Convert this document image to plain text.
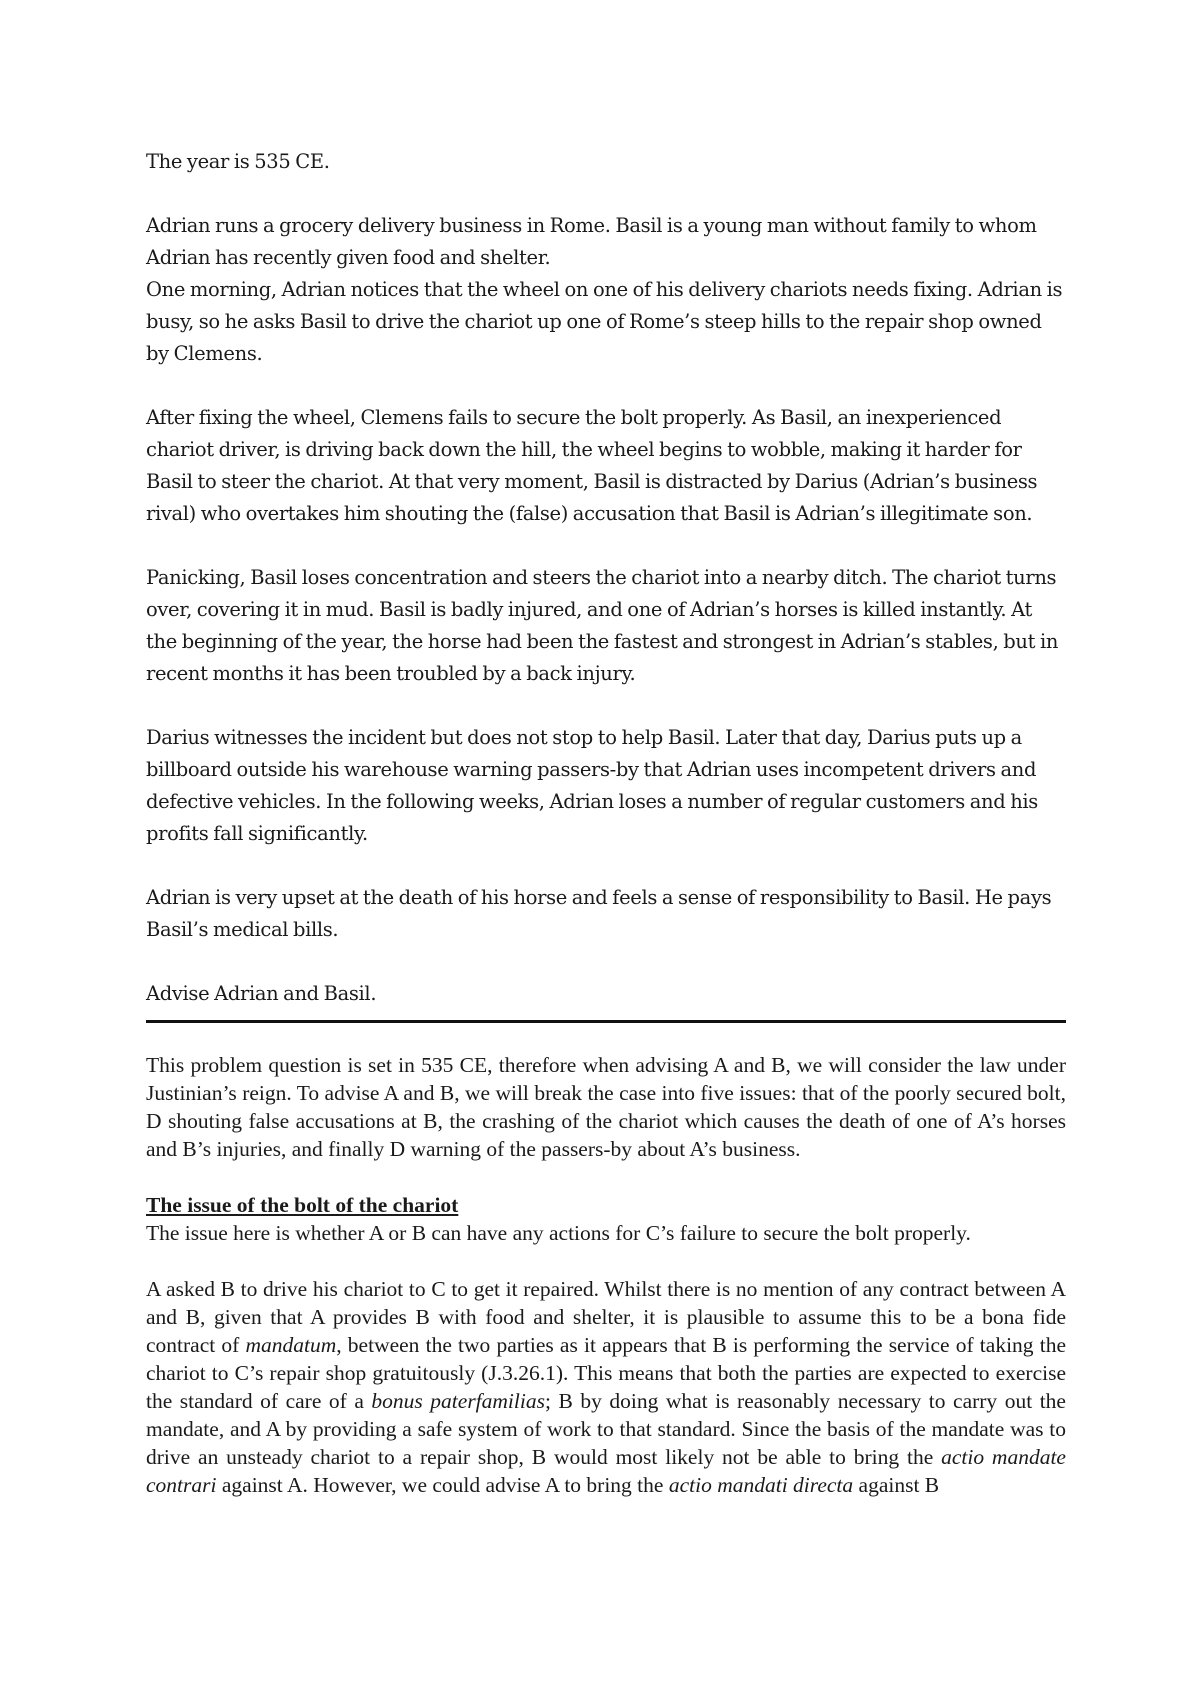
The year is 535 CE.

Adrian runs a grocery delivery business in Rome. Basil is a young man without family to whom Adrian has recently given food and shelter.

One morning, Adrian notices that the wheel on one of his delivery chariots needs fixing. Adrian is busy, so he asks Basil to drive the chariot up one of Rome’s steep hills to the repair shop owned by Clemens.

After fixing the wheel, Clemens fails to secure the bolt properly. As Basil, an inexperienced chariot driver, is driving back down the hill, the wheel begins to wobble, making it harder for Basil to steer the chariot. At that very moment, Basil is distracted by Darius (Adrian’s business rival) who overtakes him shouting the (false) accusation that Basil is Adrian’s illegitimate son.

Panicking, Basil loses concentration and steers the chariot into a nearby ditch. The chariot turns over, covering it in mud. Basil is badly injured, and one of Adrian’s horses is killed instantly. At the beginning of the year, the horse had been the fastest and strongest in Adrian’s stables, but in recent months it has been troubled by a back injury.

Darius witnesses the incident but does not stop to help Basil. Later that day, Darius puts up a billboard outside his warehouse warning passers-by that Adrian uses incompetent drivers and defective vehicles. In the following weeks, Adrian loses a number of regular customers and his profits fall significantly.

Adrian is very upset at the death of his horse and feels a sense of responsibility to Basil. He pays Basil’s medical bills.

Advise Adrian and Basil.

This problem question is set in 535 CE, therefore when advising A and B, we will consider the law under Justinian’s reign. To advise A and B, we will break the case into five issues: that of the poorly secured bolt, D shouting false accusations at B, the crashing of the chariot which causes the death of one of A’s horses and B’s injuries, and finally D warning of the passers-by about A’s business.

The issue of the bolt of the chariot

The issue here is whether A or B can have any actions for C’s failure to secure the bolt properly.

A asked B to drive his chariot to C to get it repaired. Whilst there is no mention of any contract between A and B, given that A provides B with food and shelter, it is plausible to assume this to be a bona fide contract of mandatum, between the two parties as it appears that B is performing the service of taking the chariot to C’s repair shop gratuitously (J.3.26.1). This means that both the parties are expected to exercise the standard of care of a bonus paterfamilias; B by doing what is reasonably necessary to carry out the mandate, and A by providing a safe system of work to that standard. Since the basis of the mandate was to drive an unsteady chariot to a repair shop, B would most likely not be able to bring the actio mandate contrari against A. However, we could advise A to bring the actio mandati directa against B
